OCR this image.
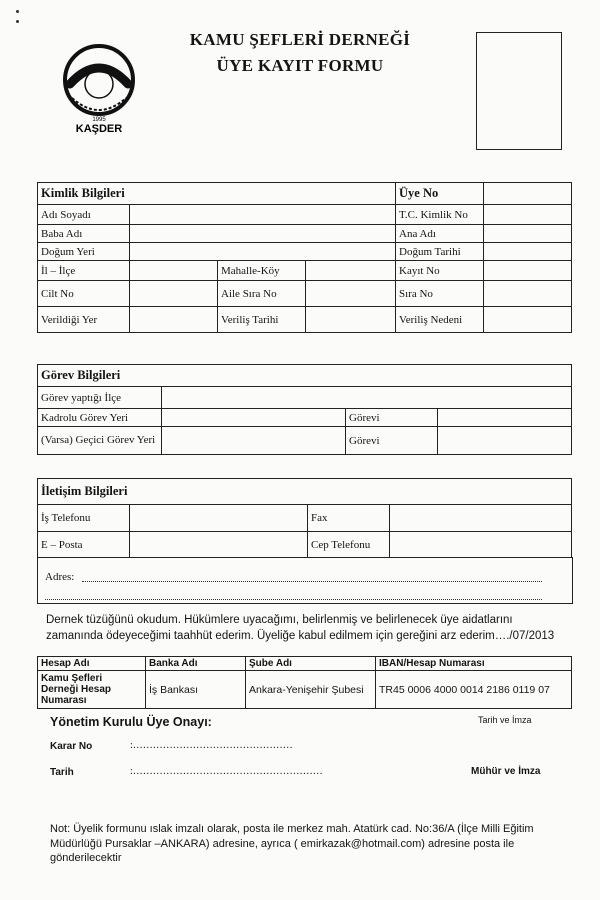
1995
KAŞDER
KAMU ŞEFLERİ DERNEĞİ
ÜYE KAYIT FORMU
Kimlik Bilgileri				Üye No	
Adı Soyadı				T.C. Kimlik No	
Baba Adı				Ana Adı	
Doğum Yeri				Doğum Tarihi	
İl – İlçe		Mahalle-Köy		Kayıt No	
Cilt No		Aile Sıra No		Sıra No	
Verildiği Yer		Veriliş Tarihi		Veriliş Nedeni	
Görev Bilgileri			
Görev yaptığı İlçe			
Kadrolu Görev Yeri		Görevi	
(Varsa) Geçici Görev Yeri		Görevi	
İletişim Bilgileri			
İş Telefonu		Fax	
E – Posta		Cep Telefonu	
Adres:
Dernek tüzüğünü okudum. Hükümlere uyacağımı, belirlenmiş ve belirlenecek üye aidatlarını zamanında ödeyeceğimi taahhüt ederim. Üyeliğe kabul edilmem için gereğini arz ederim…./07/2013
Hesap Adı	Banka Adı	Şube Adı	IBAN/Hesap Numarası
Kamu Şefleri Derneği Hesap Numarası	İş Bankası	Ankara-Yenişehir Şubesi	TR45 0006 4000 0014 2186 0119 07
Yönetim Kurulu Üye Onayı:	Tarih ve İmza
Karar No	:…………………………………………
Tarih	:…………………………………………………	Mühür ve İmza
Not: Üyelik formunu ıslak imzalı olarak, posta ile merkez mah. Atatürk cad. No:36/A (İlçe Milli Eğitim Müdürlüğü Pursaklar –ANKARA) adresine, ayrıca ( emirkazak@hotmail.com) adresine posta ile gönderilecektir
